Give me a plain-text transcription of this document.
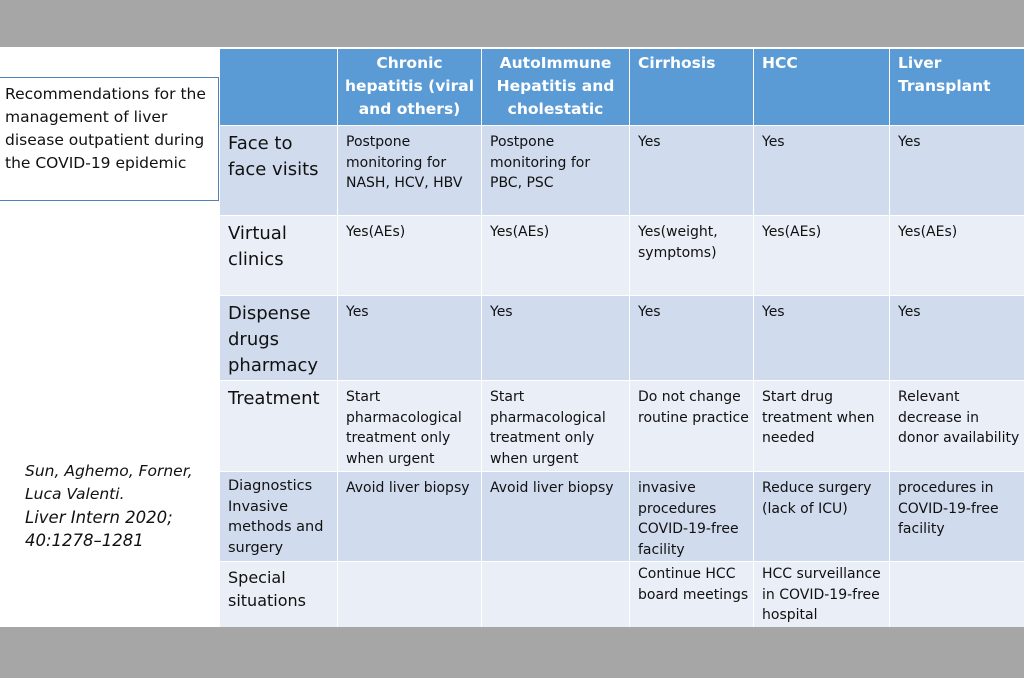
Recommendations for the management of liver disease outpatient during the COVID-19 epidemic
Sun, Aghemo, Forner, Luca Valenti.
Liver Intern 2020; 40:1278–1281
	Chronic hepatitis (viral and others)	AutoImmune Hepatitis and cholestatic	Cirrhosis	HCC	Liver Transplant
Face to face visits	Postpone monitoring for NASH, HCV, HBV	Postpone monitoring for PBC, PSC	Yes	Yes	Yes
Virtual clinics	Yes(AEs)	Yes(AEs)	Yes(weight, symptoms)	Yes(AEs)	Yes(AEs)
Dispense drugs pharmacy	Yes	Yes	Yes	Yes	Yes
Treatment	Start pharmacological treatment only when urgent	Start pharmacological treatment only when urgent	Do not change routine practice	Start drug treatment when needed	Relevant decrease in donor availability
Diagnostics Invasive methods and surgery	Avoid liver biopsy	Avoid liver biopsy	invasive procedures COVID-19-free facility	Reduce surgery (lack of ICU)	procedures in COVID-19-free facility
Special situations			Continue HCC board meetings	HCC surveillance in COVID-19-free hospital	
